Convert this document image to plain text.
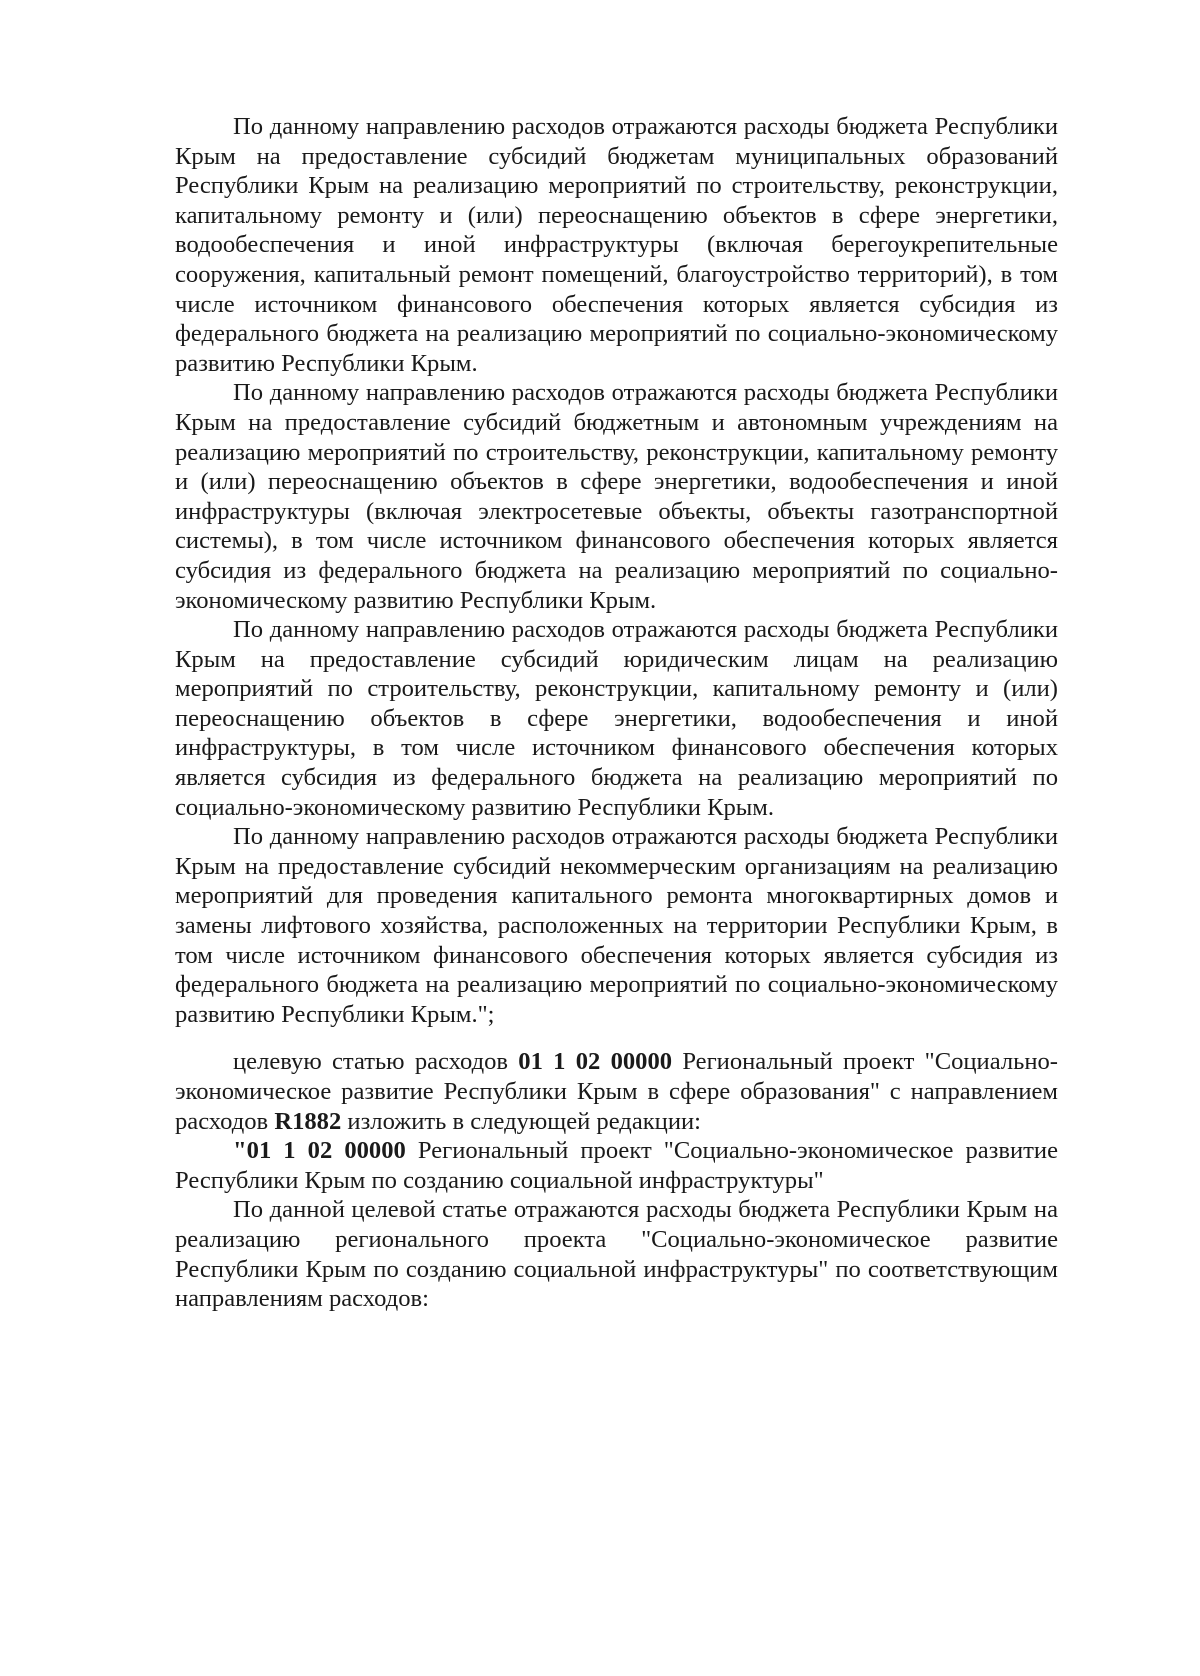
По данному направлению расходов отражаются расходы бюджета Республики Крым на предоставление субсидий бюджетам муниципальных образований Республики Крым на реализацию мероприятий по строительству, реконструкции, капитальному ремонту и (или) переоснащению объектов в сфере энергетики, водообеспечения и иной инфраструктуры (включая берегоукрепительные сооружения, капитальный ремонт помещений, благоустройство территорий), в том числе источником финансового обеспечения которых является субсидия из федерального бюджета на реализацию мероприятий по социально-экономическому развитию Республики Крым.

По данному направлению расходов отражаются расходы бюджета Республики Крым на предоставление субсидий бюджетным и автономным учреждениям на реализацию мероприятий по строительству, реконструкции, капитальному ремонту и (или) переоснащению объектов в сфере энергетики, водообеспечения и иной инфраструктуры (включая электросетевые объекты, объекты газотранспортной системы), в том числе источником финансового обеспечения которых является субсидия из федерального бюджета на реализацию мероприятий по социально-экономическому развитию Республики Крым.

По данному направлению расходов отражаются расходы бюджета Республики Крым на предоставление субсидий юридическим лицам на реализацию мероприятий по строительству, реконструкции, капитальному ремонту и (или) переоснащению объектов в сфере энергетики, водообеспечения и иной инфраструктуры, в том числе источником финансового обеспечения которых является субсидия из федерального бюджета на реализацию мероприятий по социально-экономическому развитию Республики Крым.

По данному направлению расходов отражаются расходы бюджета Республики Крым на предоставление субсидий некоммерческим организациям на реализацию мероприятий для проведения капитального ремонта многоквартирных домов и замены лифтового хозяйства, расположенных на территории Республики Крым, в том числе источником финансового обеспечения которых является субсидия из федерального бюджета на реализацию мероприятий по социально-экономическому развитию Республики Крым.";

целевую статью расходов 01 1 02 00000 Региональный проект "Социально-экономическое развитие Республики Крым в сфере образования" с направлением расходов R1882 изложить в следующей редакции:

"01 1 02 00000 Региональный проект "Социально-экономическое развитие Республики Крым по созданию социальной инфраструктуры"

По данной целевой статье отражаются расходы бюджета Республики Крым на реализацию регионального проекта "Социально-экономическое развитие Республики Крым по созданию социальной инфраструктуры" по соответствующим направлениям расходов:
